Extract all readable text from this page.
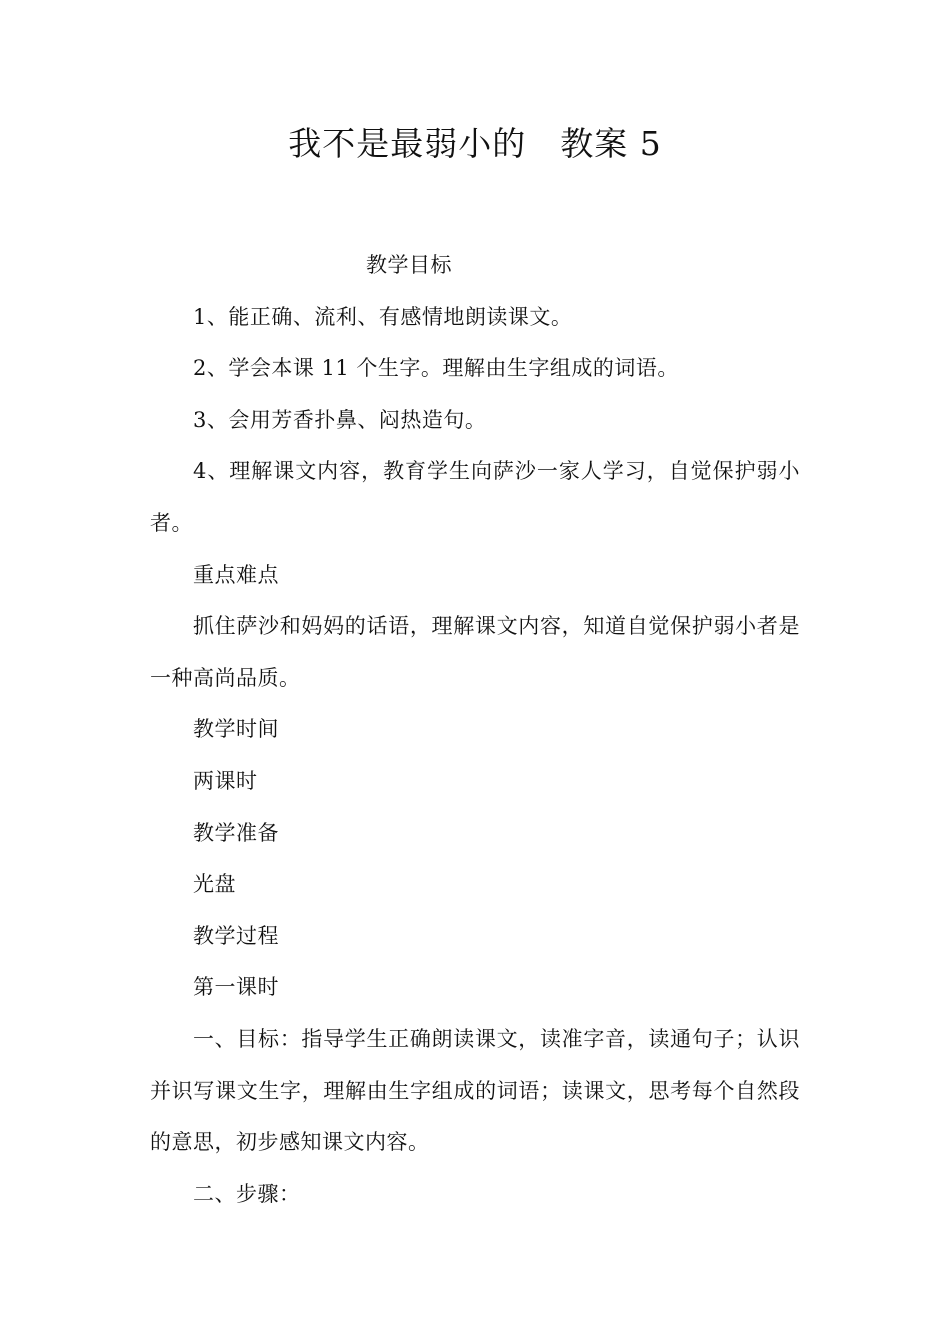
我不是最弱小的　教案 5

教学目标

1、能正确、流利、有感情地朗读课文。

2、学会本课 11 个生字。理解由生字组成的词语。

3、会用芳香扑鼻、闷热造句。

4、理解课文内容，教育学生向萨沙一家人学习，自觉保护弱小者。

重点难点

抓住萨沙和妈妈的话语，理解课文内容，知道自觉保护弱小者是一种高尚品质。

教学时间

两课时

教学准备

光盘

教学过程

第一课时

一、目标：指导学生正确朗读课文，读准字音，读通句子；认识并识写课文生字，理解由生字组成的词语；读课文，思考每个自然段的意思，初步感知课文内容。

二、步骤：
